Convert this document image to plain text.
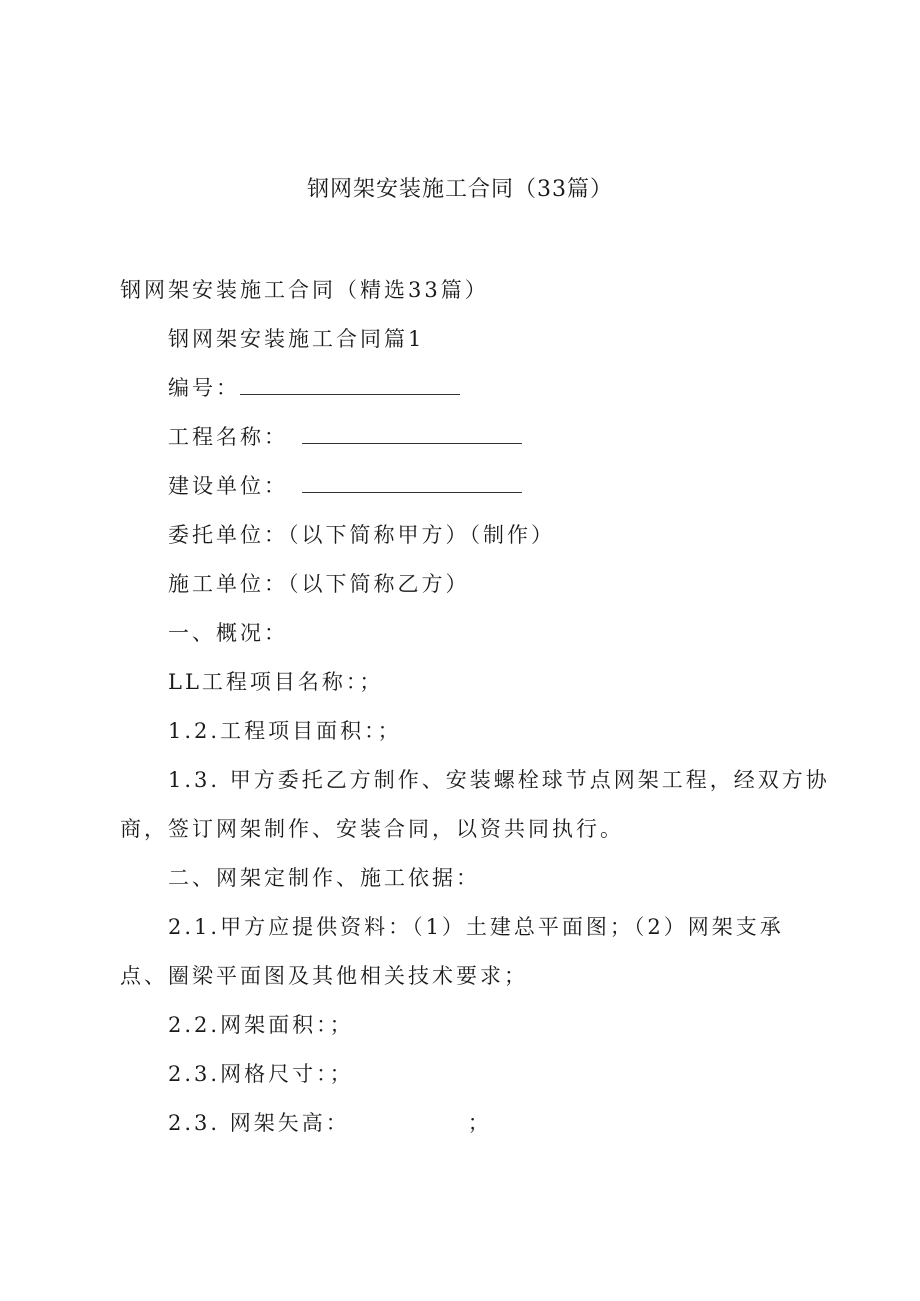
钢网架安装施工合同（33篇）
钢网架安装施工合同（精选33篇）
钢网架安装施工合同篇1
编号：
工程名称：
建设单位：
委托单位：（以下简称甲方）（制作）
施工单位：（以下简称乙方）
一、概况：
LL工程项目名称：；
1.2.工程项目面积：；
1.3. 甲方委托乙方制作、安装螺栓球节点网架工程，经双方协
商，签订网架制作、安装合同，以资共同执行。
二、网架定制作、施工依据：
2.1.甲方应提供资料：（1）土建总平面图；（2）网架支承
点、圈梁平面图及其他相关技术要求；
2.2.网架面积：；
2.3.网格尺寸：；
2.3. 网架矢高：	；
